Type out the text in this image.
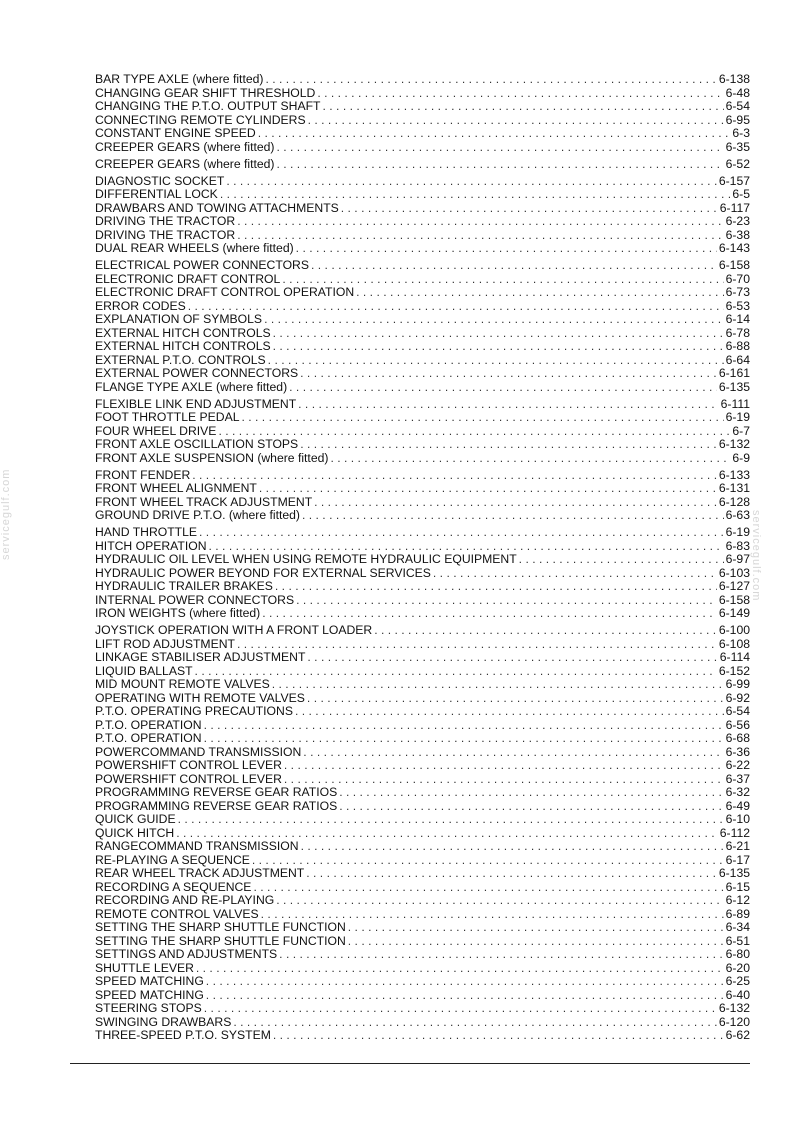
servicegulf.com	servicegulf.com
BAR TYPE AXLE (where fitted) . . .	6-138
CHANGING GEAR SHIFT THRESHOLD . . .	6-48
CHANGING THE P.T.O. OUTPUT SHAFT . . .	6-54
CONNECTING REMOTE CYLINDERS . . .	6-95
CONSTANT ENGINE SPEED . . .	6-3
CREEPER GEARS (where fitted) . . .	6-35
CREEPER GEARS (where fitted) . . .	6-52
DIAGNOSTIC SOCKET . . .	6-157
DIFFERENTIAL LOCK . . .	6-5
DRAWBARS AND TOWING ATTACHMENTS . . .	6-117
DRIVING THE TRACTOR . . .	6-23
DRIVING THE TRACTOR . . .	6-38
DUAL REAR WHEELS (where fitted) . . .	6-143
ELECTRICAL POWER CONNECTORS . . .	6-158
ELECTRONIC DRAFT CONTROL . . .	6-70
ELECTRONIC DRAFT CONTROL OPERATION . . .	6-73
ERROR CODES . . .	6-53
EXPLANATION OF SYMBOLS . . .	6-14
EXTERNAL HITCH CONTROLS . . .	6-78
EXTERNAL HITCH CONTROLS . . .	6-88
EXTERNAL P.T.O. CONTROLS . . .	6-64
EXTERNAL POWER CONNECTORS . . .	6-161
FLANGE TYPE AXLE (where fitted) . . .	6-135
FLEXIBLE LINK END ADJUSTMENT . . .	6-111
FOOT THROTTLE PEDAL . . .	6-19
FOUR WHEEL DRIVE . . .	6-7
FRONT AXLE OSCILLATION STOPS . . .	6-132
FRONT AXLE SUSPENSION (where fitted) . . .	6-9
FRONT FENDER . . .	6-133
FRONT WHEEL ALIGNMENT . . .	6-131
FRONT WHEEL TRACK ADJUSTMENT . . .	6-128
GROUND DRIVE P.T.O. (where fitted) . . .	6-63
HAND THROTTLE . . .	6-19
HITCH OPERATION . . .	6-83
HYDRAULIC OIL LEVEL WHEN USING REMOTE HYDRAULIC EQUIPMENT . . .	6-97
HYDRAULIC POWER BEYOND FOR EXTERNAL SERVICES . . .	6-103
HYDRAULIC TRAILER BRAKES . . .	6-127
INTERNAL POWER CONNECTORS . . .	6-158
IRON WEIGHTS (where fitted) . . .	6-149
JOYSTICK OPERATION WITH A FRONT LOADER . . .	6-100
LIFT ROD ADJUSTMENT . . .	6-108
LINKAGE STABILISER ADJUSTMENT . . .	6-114
LIQUID BALLAST . . .	6-152
MID MOUNT REMOTE VALVES . . .	6-99
OPERATING WITH REMOTE VALVES . . .	6-92
P.T.O. OPERATING PRECAUTIONS . . .	6-54
P.T.O. OPERATION . . .	6-56
P.T.O. OPERATION . . .	6-68
POWERCOMMAND TRANSMISSION . . .	6-36
POWERSHIFT CONTROL LEVER . . .	6-22
POWERSHIFT CONTROL LEVER . . .	6-37
PROGRAMMING REVERSE GEAR RATIOS . . .	6-32
PROGRAMMING REVERSE GEAR RATIOS . . .	6-49
QUICK GUIDE . . .	6-10
QUICK HITCH . . .	6-112
RANGECOMMAND TRANSMISSION . . .	6-21
RE-PLAYING A SEQUENCE . . .	6-17
REAR WHEEL TRACK ADJUSTMENT . . .	6-135
RECORDING A SEQUENCE . . .	6-15
RECORDING AND RE-PLAYING . . .	6-12
REMOTE CONTROL VALVES . . .	6-89
SETTING THE SHARP SHUTTLE FUNCTION . . .	6-34
SETTING THE SHARP SHUTTLE FUNCTION . . .	6-51
SETTINGS AND ADJUSTMENTS . . .	6-80
SHUTTLE LEVER . . .	6-20
SPEED MATCHING . . .	6-25
SPEED MATCHING . . .	6-40
STEERING STOPS . . .	6-132
SWINGING DRAWBARS . . .	6-120
THREE-SPEED P.T.O. SYSTEM . . .	6-62
